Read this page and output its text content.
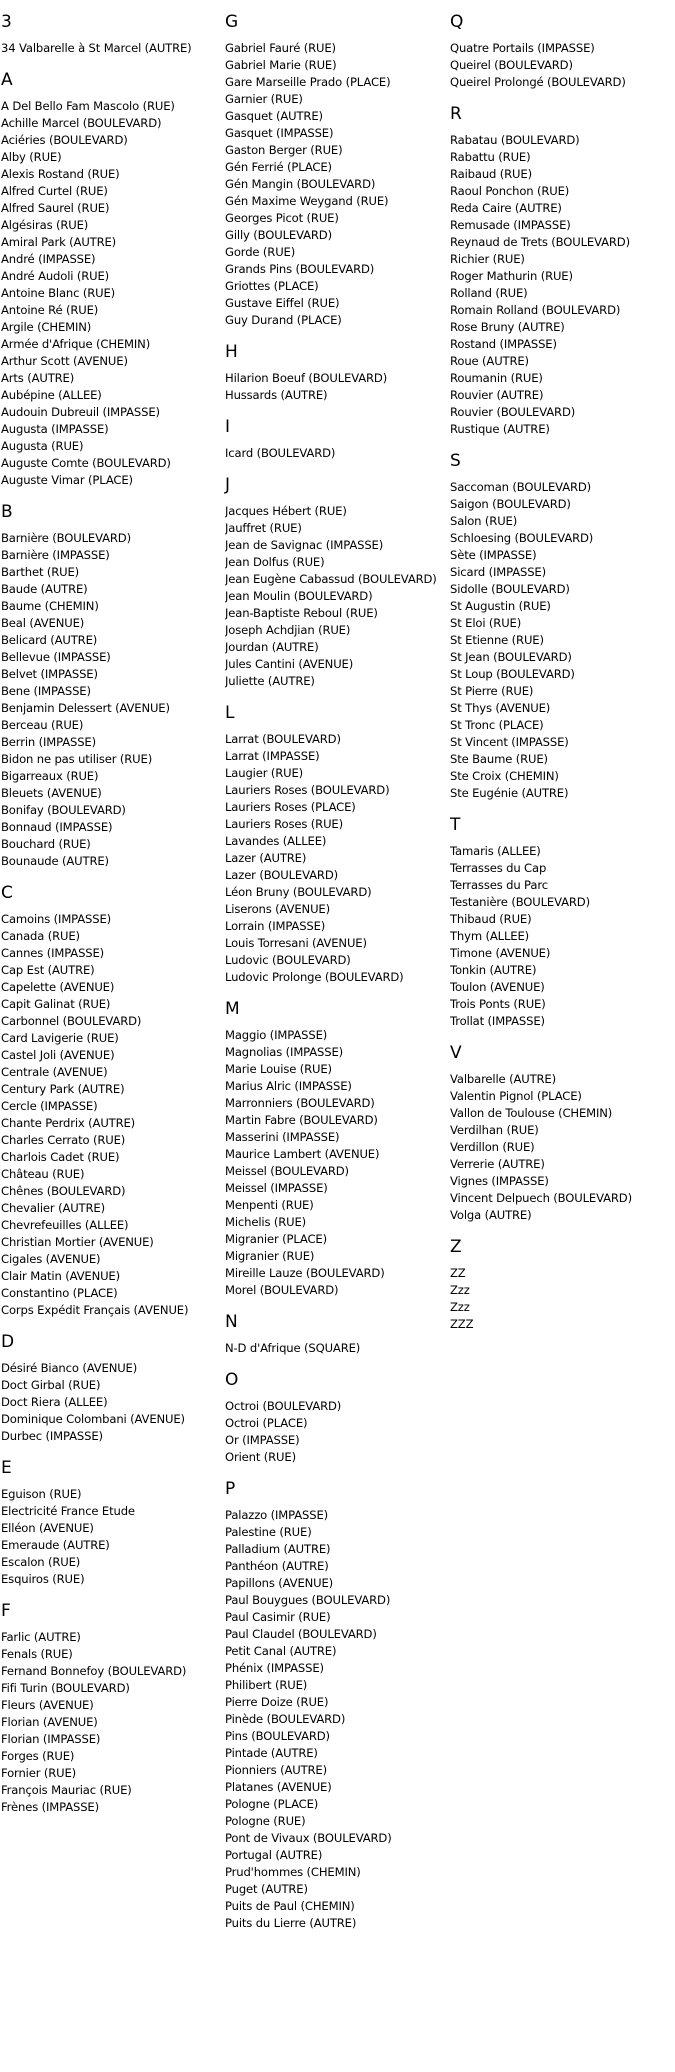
3
34 Valbarelle à St Marcel (AUTRE)
A
A Del Bello Fam Mascolo (RUE)
Achille Marcel (BOULEVARD)
Aciéries (BOULEVARD)
Alby (RUE)
Alexis Rostand (RUE)
Alfred Curtel (RUE)
Alfred Saurel (RUE)
Algésiras (RUE)
Amiral Park (AUTRE)
André (IMPASSE)
André Audoli (RUE)
Antoine Blanc (RUE)
Antoine Ré (RUE)
Argile (CHEMIN)
Armée d'Afrique (CHEMIN)
Arthur Scott (AVENUE)
Arts (AUTRE)
Aubépine (ALLEE)
Audouin Dubreuil (IMPASSE)
Augusta (IMPASSE)
Augusta (RUE)
Auguste Comte (BOULEVARD)
Auguste Vimar (PLACE)
B
Barnière (BOULEVARD)
Barnière (IMPASSE)
Barthet (RUE)
Baude (AUTRE)
Baume (CHEMIN)
Beal (AVENUE)
Belicard (AUTRE)
Bellevue (IMPASSE)
Belvet (IMPASSE)
Bene (IMPASSE)
Benjamin Delessert (AVENUE)
Berceau (RUE)
Berrin (IMPASSE)
Bidon ne pas utiliser (RUE)
Bigarreaux (RUE)
Bleuets (AVENUE)
Bonifay (BOULEVARD)
Bonnaud (IMPASSE)
Bouchard (RUE)
Bounaude (AUTRE)
C
Camoins (IMPASSE)
Canada (RUE)
Cannes (IMPASSE)
Cap Est (AUTRE)
Capelette (AVENUE)
Capit Galinat (RUE)
Carbonnel (BOULEVARD)
Card Lavigerie (RUE)
Castel Joli (AVENUE)
Centrale (AVENUE)
Century Park (AUTRE)
Cercle (IMPASSE)
Chante Perdrix (AUTRE)
Charles Cerrato (RUE)
Charlois Cadet (RUE)
Château (RUE)
Chênes (BOULEVARD)
Chevalier (AUTRE)
Chevrefeuilles (ALLEE)
Christian Mortier (AVENUE)
Cigales (AVENUE)
Clair Matin (AVENUE)
Constantino (PLACE)
Corps Expédit Français (AVENUE)
D
Désiré Bianco (AVENUE)
Doct Girbal (RUE)
Doct Riera (ALLEE)
Dominique Colombani (AVENUE)
Durbec (IMPASSE)
E
Eguison (RUE)
Electricité France Etude
Elléon (AVENUE)
Emeraude (AUTRE)
Escalon (RUE)
Esquiros (RUE)
F
Farlic (AUTRE)
Fenals (RUE)
Fernand Bonnefoy (BOULEVARD)
Fifi Turin (BOULEVARD)
Fleurs (AVENUE)
Florian (AVENUE)
Florian (IMPASSE)
Forges (RUE)
Fornier (RUE)
François Mauriac (RUE)
Frènes (IMPASSE)
G
Gabriel Fauré (RUE)
Gabriel Marie (RUE)
Gare Marseille Prado (PLACE)
Garnier (RUE)
Gasquet (AUTRE)
Gasquet (IMPASSE)
Gaston Berger (RUE)
Gén Ferrié (PLACE)
Gén Mangin (BOULEVARD)
Gén Maxime Weygand (RUE)
Georges Picot (RUE)
Gilly (BOULEVARD)
Gorde (RUE)
Grands Pins (BOULEVARD)
Griottes (PLACE)
Gustave Eiffel (RUE)
Guy Durand (PLACE)
H
Hilarion Boeuf (BOULEVARD)
Hussards (AUTRE)
I
Icard (BOULEVARD)
J
Jacques Hébert (RUE)
Jauffret (RUE)
Jean de Savignac (IMPASSE)
Jean Dolfus (RUE)
Jean Eugène Cabassud (BOULEVARD)
Jean Moulin (BOULEVARD)
Jean-Baptiste Reboul (RUE)
Joseph Achdjian (RUE)
Jourdan (AUTRE)
Jules Cantini (AVENUE)
Juliette (AUTRE)
L
Larrat (BOULEVARD)
Larrat (IMPASSE)
Laugier (RUE)
Lauriers Roses (BOULEVARD)
Lauriers Roses (PLACE)
Lauriers Roses (RUE)
Lavandes (ALLEE)
Lazer (AUTRE)
Lazer (BOULEVARD)
Léon Bruny (BOULEVARD)
Liserons (AVENUE)
Lorrain (IMPASSE)
Louis Torresani (AVENUE)
Ludovic (BOULEVARD)
Ludovic Prolonge (BOULEVARD)
M
Maggio (IMPASSE)
Magnolias (IMPASSE)
Marie Louise (RUE)
Marius Alric (IMPASSE)
Marronniers (BOULEVARD)
Martin Fabre (BOULEVARD)
Masserini (IMPASSE)
Maurice Lambert (AVENUE)
Meissel (BOULEVARD)
Meissel (IMPASSE)
Menpenti (RUE)
Michelis (RUE)
Migranier (PLACE)
Migranier (RUE)
Mireille Lauze (BOULEVARD)
Morel (BOULEVARD)
N
N-D d'Afrique (SQUARE)
O
Octroi (BOULEVARD)
Octroi (PLACE)
Or (IMPASSE)
Orient (RUE)
P
Palazzo (IMPASSE)
Palestine (RUE)
Palladium (AUTRE)
Panthéon (AUTRE)
Papillons (AVENUE)
Paul Bouygues (BOULEVARD)
Paul Casimir (RUE)
Paul Claudel (BOULEVARD)
Petit Canal (AUTRE)
Phénix (IMPASSE)
Philibert (RUE)
Pierre Doize (RUE)
Pinède (BOULEVARD)
Pins (BOULEVARD)
Pintade (AUTRE)
Pionniers (AUTRE)
Platanes (AVENUE)
Pologne (PLACE)
Pologne (RUE)
Pont de Vivaux (BOULEVARD)
Portugal (AUTRE)
Prud'hommes (CHEMIN)
Puget (AUTRE)
Puits de Paul (CHEMIN)
Puits du Lierre (AUTRE)
Q
Quatre Portails (IMPASSE)
Queirel (BOULEVARD)
Queirel Prolongé (BOULEVARD)
R
Rabatau (BOULEVARD)
Rabattu (RUE)
Raibaud (RUE)
Raoul Ponchon (RUE)
Reda Caire (AUTRE)
Remusade (IMPASSE)
Reynaud de Trets (BOULEVARD)
Richier (RUE)
Roger Mathurin (RUE)
Rolland (RUE)
Romain Rolland (BOULEVARD)
Rose Bruny (AUTRE)
Rostand (IMPASSE)
Roue (AUTRE)
Roumanin (RUE)
Rouvier (AUTRE)
Rouvier (BOULEVARD)
Rustique (AUTRE)
S
Saccoman (BOULEVARD)
Saigon (BOULEVARD)
Salon (RUE)
Schloesing (BOULEVARD)
Sète (IMPASSE)
Sicard (IMPASSE)
Sidolle (BOULEVARD)
St Augustin (RUE)
St Eloi (RUE)
St Etienne (RUE)
St Jean (BOULEVARD)
St Loup (BOULEVARD)
St Pierre (RUE)
St Thys (AVENUE)
St Tronc (PLACE)
St Vincent (IMPASSE)
Ste Baume (RUE)
Ste Croix (CHEMIN)
Ste Eugénie (AUTRE)
T
Tamaris (ALLEE)
Terrasses du Cap
Terrasses du Parc
Testanière (BOULEVARD)
Thibaud (RUE)
Thym (ALLEE)
Timone (AVENUE)
Tonkin (AUTRE)
Toulon (AVENUE)
Trois Ponts (RUE)
Trollat (IMPASSE)
V
Valbarelle (AUTRE)
Valentin Pignol (PLACE)
Vallon de Toulouse (CHEMIN)
Verdilhan (RUE)
Verdillon (RUE)
Verrerie (AUTRE)
Vignes (IMPASSE)
Vincent Delpuech (BOULEVARD)
Volga (AUTRE)
Z
ZZ
Zzz
Zzz
ZZZ
